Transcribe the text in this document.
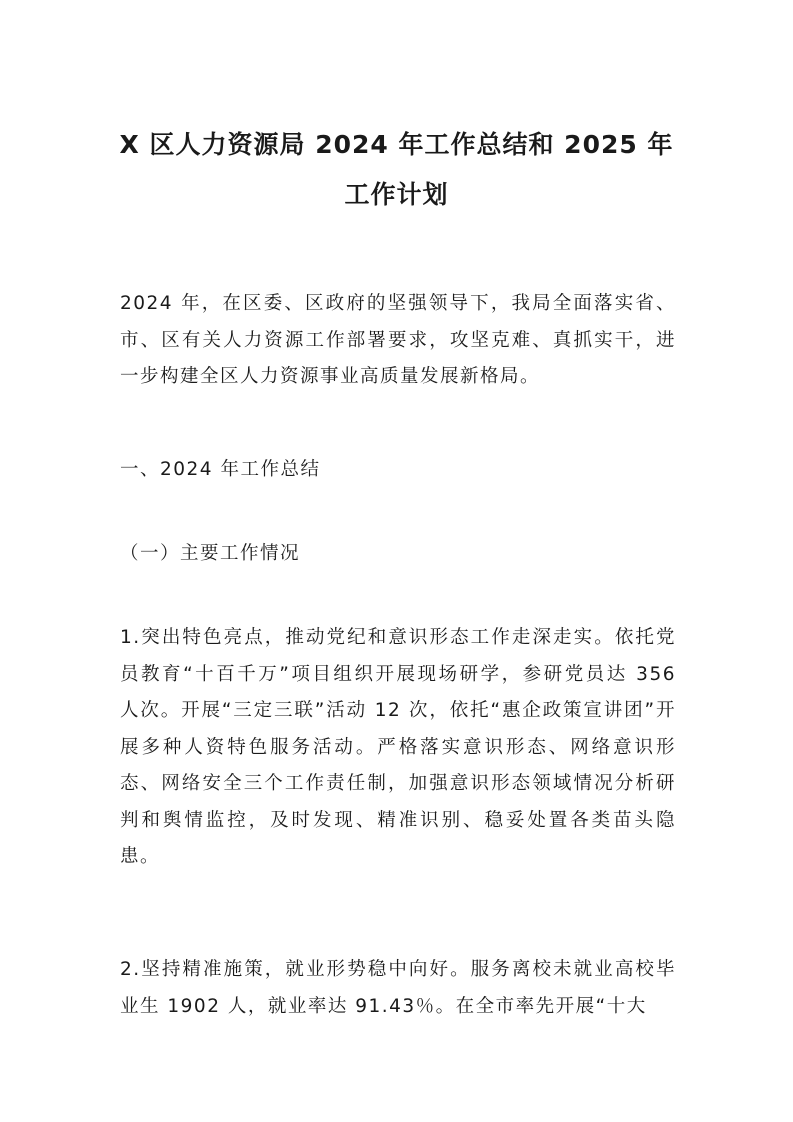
X 区人力资源局 2024 年工作总结和 2025 年
工作计划

2024 年，在区委、区政府的坚强领导下，我局全面落实省、市、区有关人力资源工作部署要求，攻坚克难、真抓实干，进一步构建全区人力资源事业高质量发展新格局。

一、2024 年工作总结

（一）主要工作情况

1.突出特色亮点，推动党纪和意识形态工作走深走实。依托党员教育“十百千万”项目组织开展现场研学，参研党员达 356 人次。开展“三定三联”活动 12 次，依托“惠企政策宣讲团”开展多种人资特色服务活动。严格落实意识形态、网络意识形态、网络安全三个工作责任制，加强意识形态领域情况分析研判和舆情监控，及时发现、精准识别、稳妥处置各类苗头隐患。

2.坚持精准施策，就业形势稳中向好。服务离校未就业高校毕业生 1902 人，就业率达 91.43％。在全市率先开展“十大
